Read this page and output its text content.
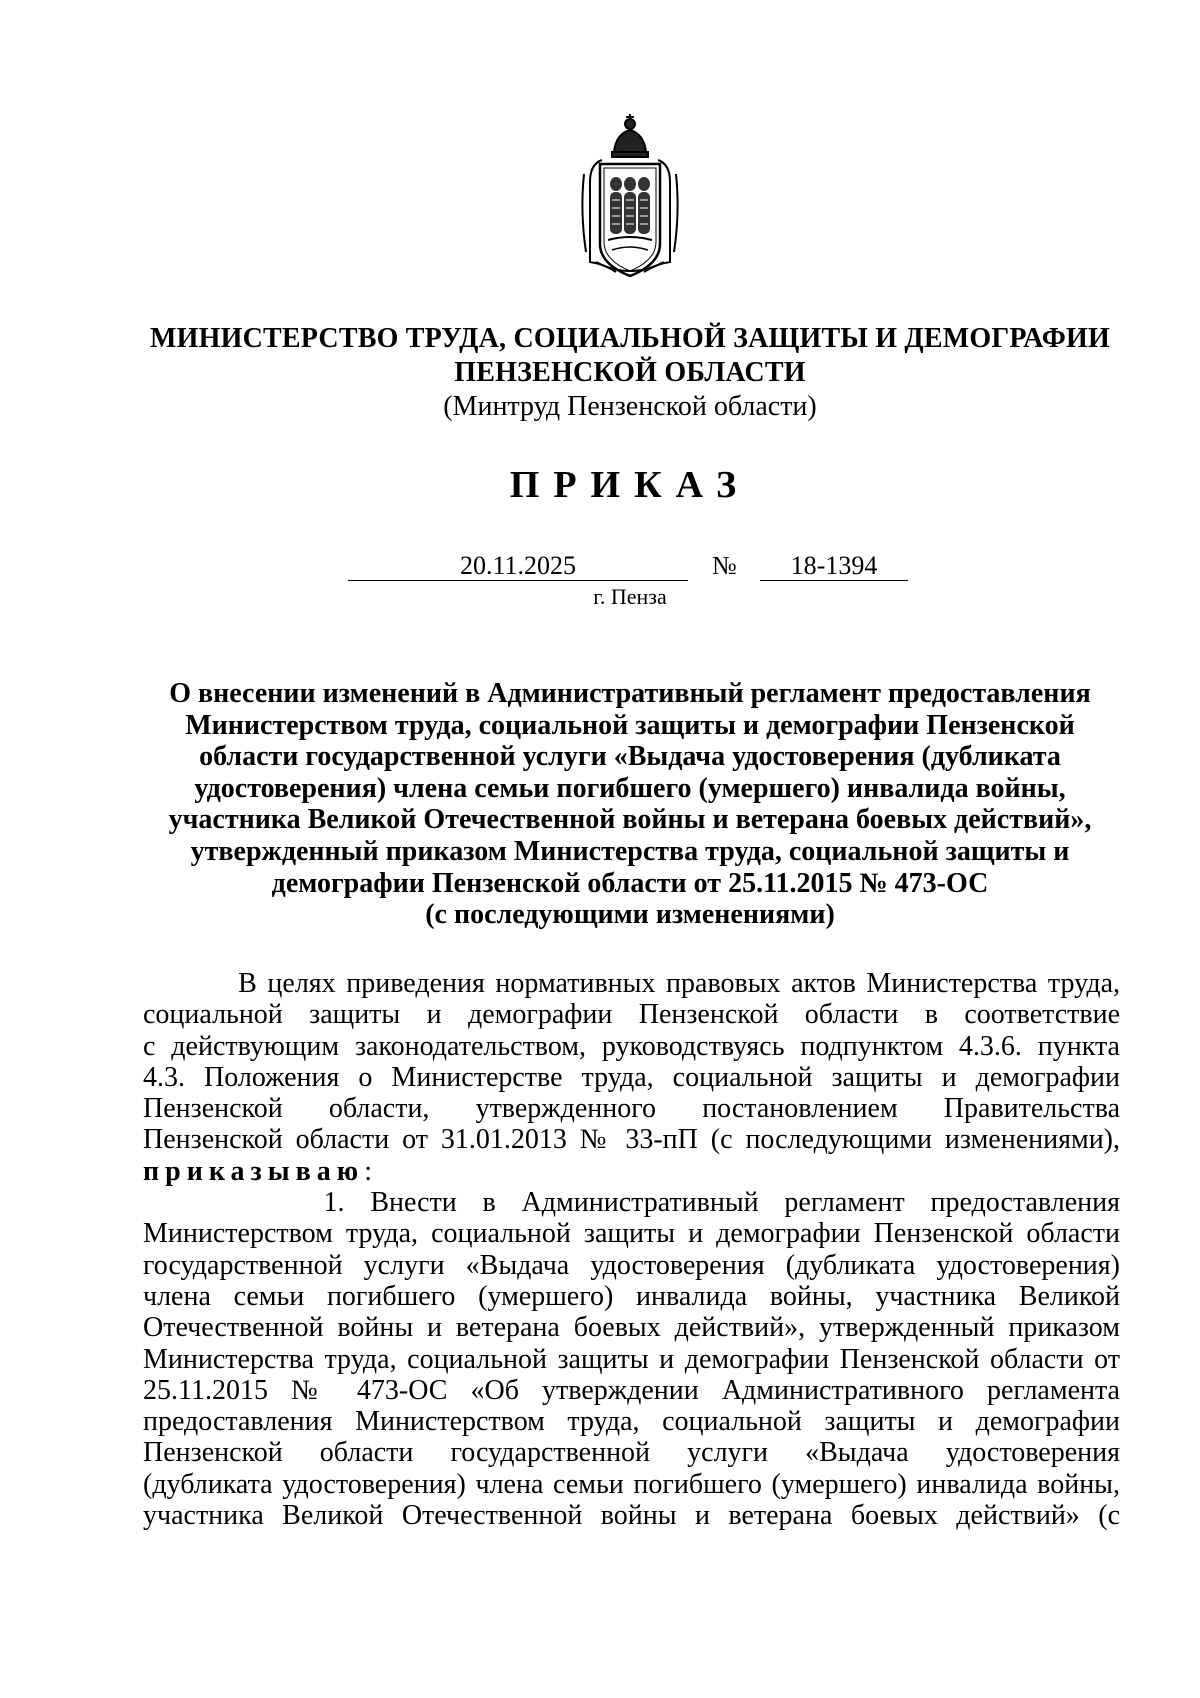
МИНИСТЕРСТВО ТРУДА, СОЦИАЛЬНОЙ ЗАЩИТЫ И ДЕМОГРАФИИ
ПЕНЗЕНСКОЙ ОБЛАСТИ
(Минтруд Пензенской области)
ПРИКАЗ
20.11.2025	№	18-1394
г. Пенза
О внесении изменений в Административный регламент предоставления
Министерством труда, социальной защиты и демографии Пензенской
области государственной услуги «Выдача удостоверения (дубликата
удостоверения) члена семьи погибшего (умершего) инвалида войны,
участника Великой Отечественной войны и ветерана боевых действий»,
утвержденный приказом Министерства труда, социальной защиты и
демографии Пензенской области от 25.11.2015 № 473-ОС
(с последующими изменениями)
В целях приведения нормативных правовых актов Министерства труда,
социальной защиты и демографии Пензенской области в соответствие
с действующим законодательством, руководствуясь подпунктом 4.3.6. пункта
4.3. Положения о Министерстве труда, социальной защиты и демографии
Пензенской области, утвержденного постановлением Правительства
Пензенской области от 31.01.2013 № 33-пП (с последующими изменениями),
приказываю:
1. Внести в Административный регламент предоставления
Министерством труда, социальной защиты и демографии Пензенской области
государственной услуги «Выдача удостоверения (дубликата удостоверения)
члена семьи погибшего (умершего) инвалида войны, участника Великой
Отечественной войны и ветерана боевых действий», утвержденный приказом
Министерства труда, социальной защиты и демографии Пензенской области от
25.11.2015 № 473-ОС «Об утверждении Административного регламента
предоставления Министерством труда, социальной защиты и демографии
Пензенской области государственной услуги «Выдача удостоверения
(дубликата удостоверения) члена семьи погибшего (умершего) инвалида войны,
участника Великой Отечественной войны и ветерана боевых действий» (с
